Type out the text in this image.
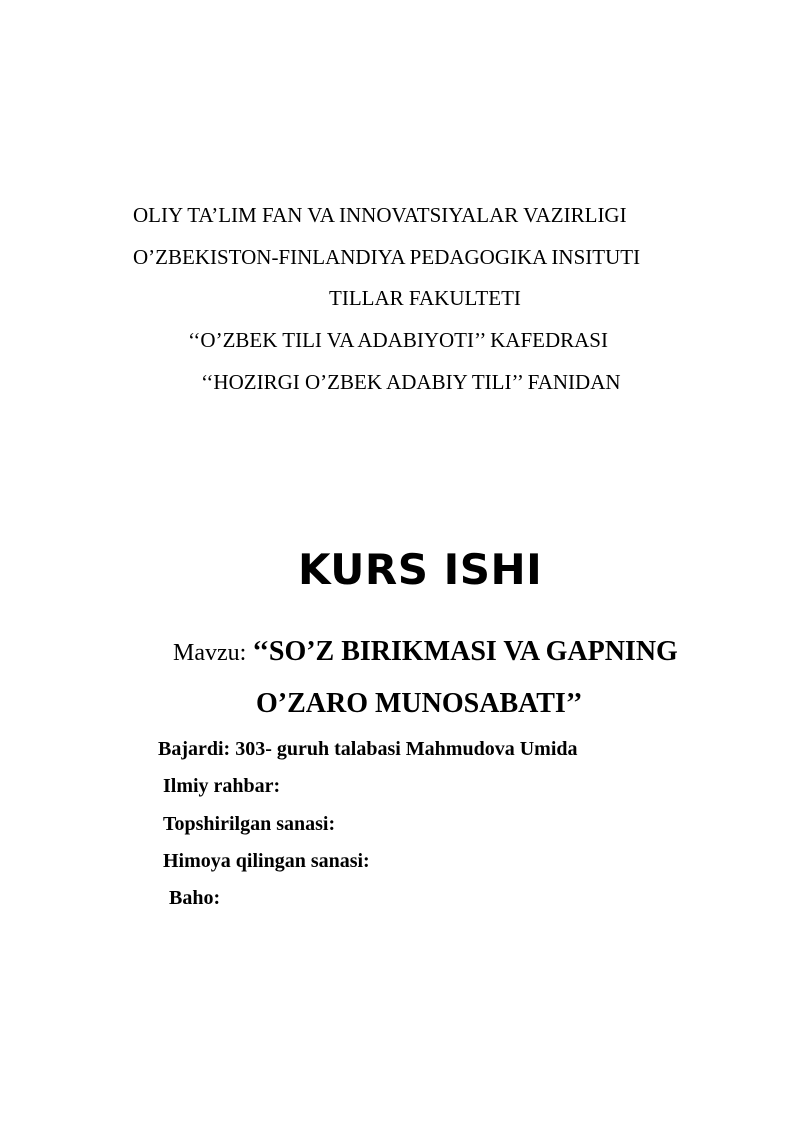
OLIY TA’LIM FAN VA INNOVATSIYALAR VAZIRLIGI

O’ZBEKISTON-FINLANDIYA PEDAGOGIKA INSITUTI

TILLAR FAKULTETI

‘‘O’ZBEK TILI VA ADABIYOTI’’ KAFEDRASI

‘‘HOZIRGI O’ZBEK ADABIY TILI’’ FANIDAN

KURS ISHI

Mavzu: ‘‘SO’Z BIRIKMASI VA GAPNING

O’ZARO MUNOSABATI’’

Bajardi: 303- guruh talabasi Mahmudova Umida

Ilmiy rahbar:

Topshirilgan sanasi:

Himoya qilingan sanasi:

Baho:
